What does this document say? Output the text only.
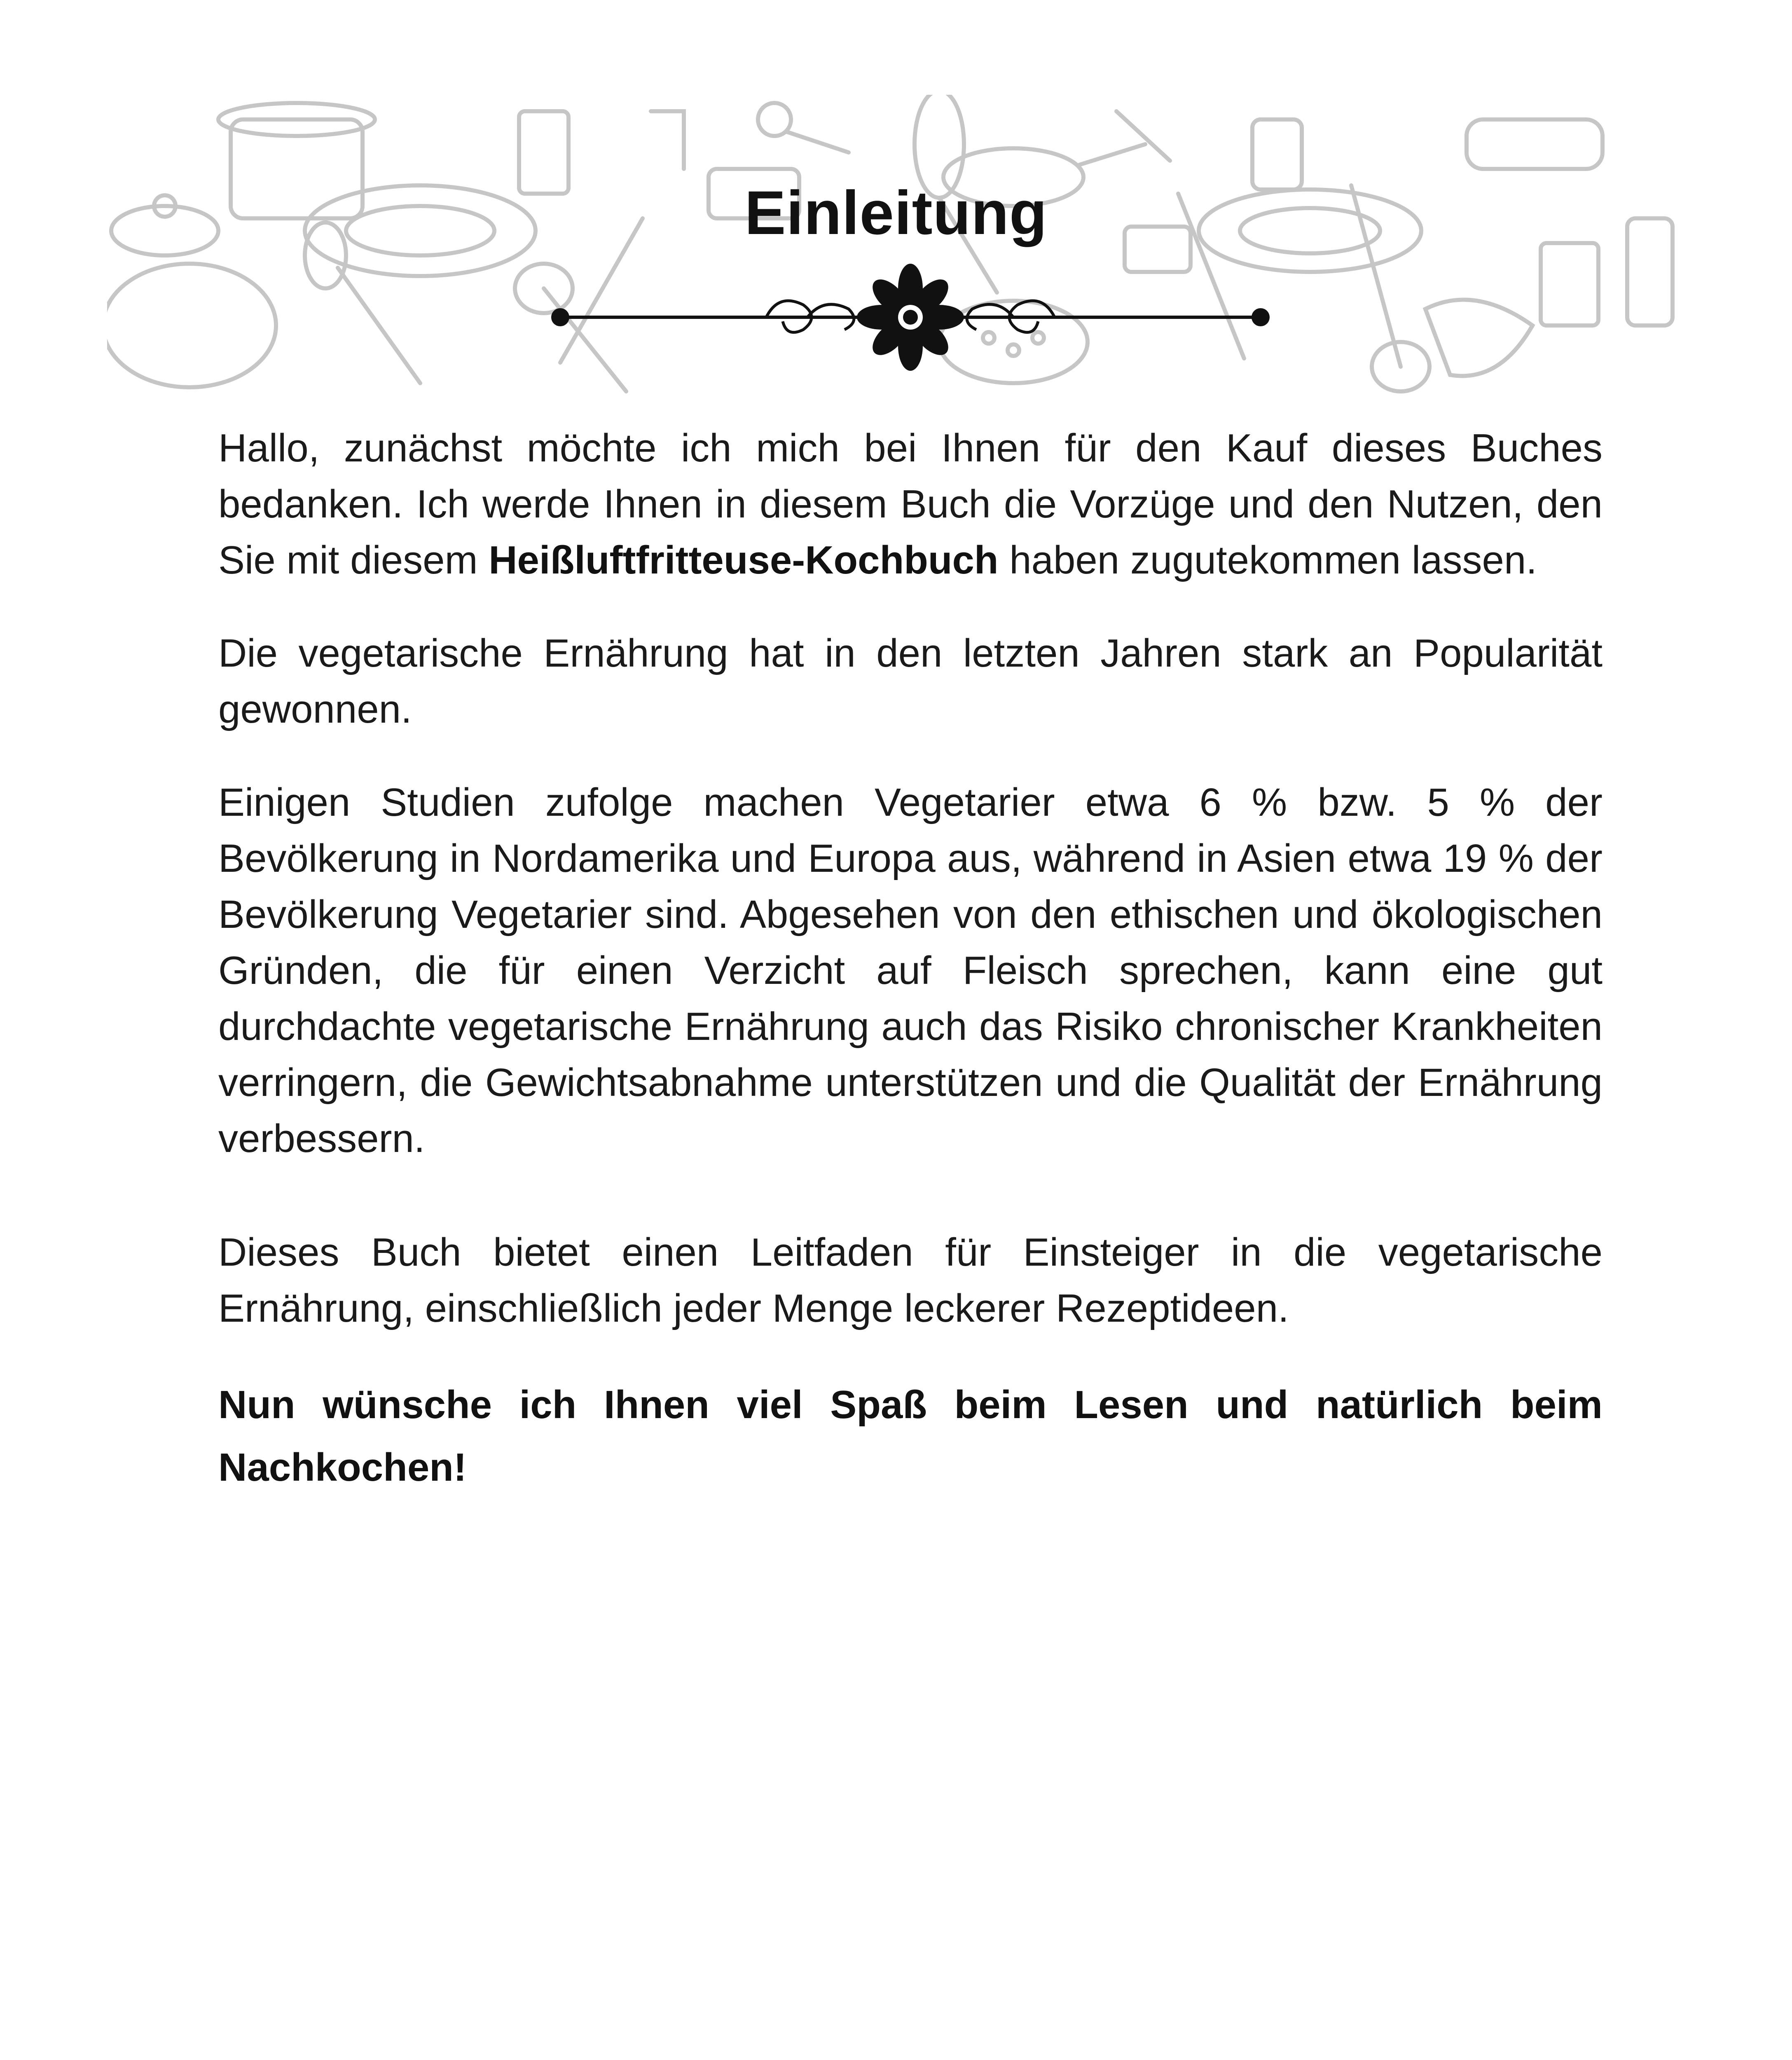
Einleitung

Hallo, zunächst möchte ich mich bei Ihnen für den Kauf dieses Buches bedanken. Ich werde Ihnen in diesem Buch die Vorzüge und den Nutzen, den Sie mit diesem Heißluftfritteuse-Kochbuch haben zugutekommen lassen.

Die vegetarische Ernährung hat in den letzten Jahren stark an Popularität gewonnen.

Einigen Studien zufolge machen Vegetarier etwa 6 % bzw. 5 % der Bevölkerung in Nordamerika und Europa aus, während in Asien etwa 19 % der Bevölkerung Vegetarier sind. Abgesehen von den ethischen und ökologischen Gründen, die für einen Verzicht auf Fleisch sprechen, kann eine gut durchdachte vegetarische Ernährung auch das Risiko chronischer Krankheiten verringern, die Gewichtsabnahme unterstützen und die Qualität der Ernährung verbessern.

Dieses Buch bietet einen Leitfaden für Einsteiger in die vegetarische Ernährung, einschließlich jeder Menge leckerer Rezeptideen.

Nun wünsche ich Ihnen viel Spaß beim Lesen und natürlich beim Nachkochen!
